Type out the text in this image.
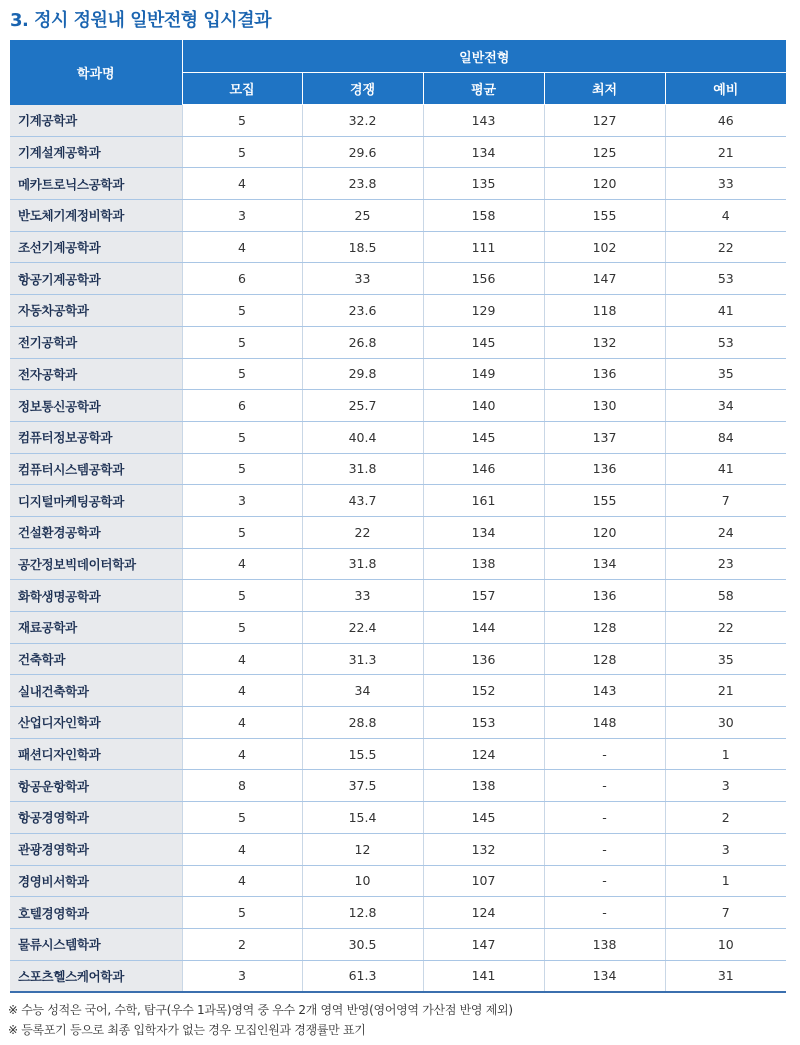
3. 정시 정원내 일반전형 입시결과
학과명	일반전형				
	모집	경쟁	평균	최저	예비
기계공학과	5	32.2	143	127	46
기계설계공학과	5	29.6	134	125	21
메카트로닉스공학과	4	23.8	135	120	33
반도체기계정비학과	3	25	158	155	4
조선기계공학과	4	18.5	111	102	22
항공기계공학과	6	33	156	147	53
자동차공학과	5	23.6	129	118	41
전기공학과	5	26.8	145	132	53
전자공학과	5	29.8	149	136	35
정보통신공학과	6	25.7	140	130	34
컴퓨터정보공학과	5	40.4	145	137	84
컴퓨터시스템공학과	5	31.8	146	136	41
디지털마케팅공학과	3	43.7	161	155	7
건설환경공학과	5	22	134	120	24
공간정보빅데이터학과	4	31.8	138	134	23
화학생명공학과	5	33	157	136	58
재료공학과	5	22.4	144	128	22
건축학과	4	31.3	136	128	35
실내건축학과	4	34	152	143	21
산업디자인학과	4	28.8	153	148	30
패션디자인학과	4	15.5	124	-	1
항공운항학과	8	37.5	138	-	3
항공경영학과	5	15.4	145	-	2
관광경영학과	4	12	132	-	3
경영비서학과	4	10	107	-	1
호텔경영학과	5	12.8	124	-	7
물류시스템학과	2	30.5	147	138	10
스포츠헬스케어학과	3	61.3	141	134	31
※ 수능 성적은 국어, 수학, 탐구(우수 1과목)영역 중 우수 2개 영역 반영(영어영역 가산점 반영 제외)
※ 등록포기 등으로 최종 입학자가 없는 경우 모집인원과 경쟁률만 표기
